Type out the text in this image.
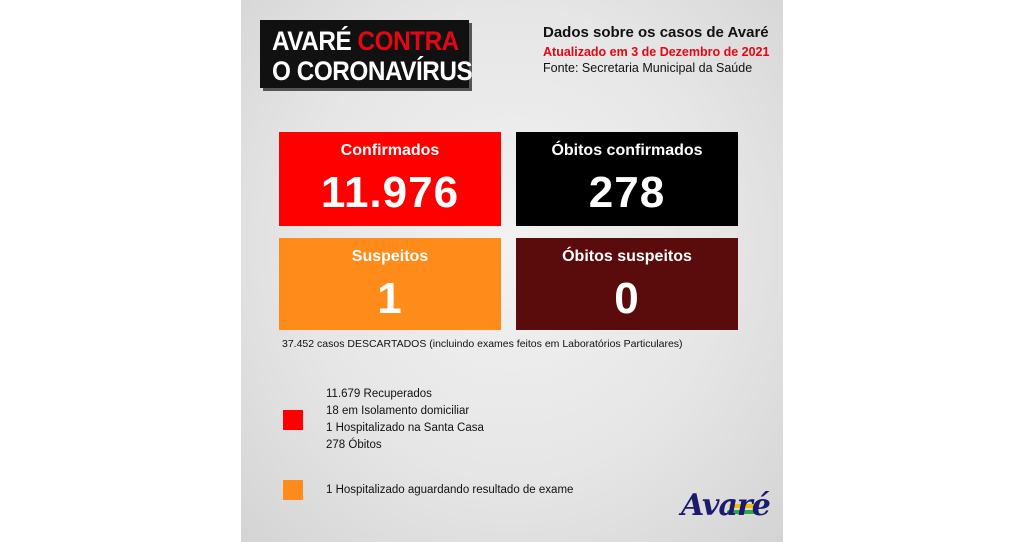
AVARÉ CONTRA
O CORONAVÍRUS
Dados sobre os casos de Avaré
Atualizado em 3 de Dezembro de 2021
Fonte: Secretaria Municipal da Saúde
Confirmados
11.976
Óbitos confirmados
278
Suspeitos
1
Óbitos suspeitos
0
37.452 casos DESCARTADOS (incluindo exames feitos em Laboratórios Particulares)
11.679 Recuperados
18 em Isolamento domiciliar
1 Hospitalizado na Santa Casa
278 Óbitos
1 Hospitalizado aguardando resultado de exame	Avaré
